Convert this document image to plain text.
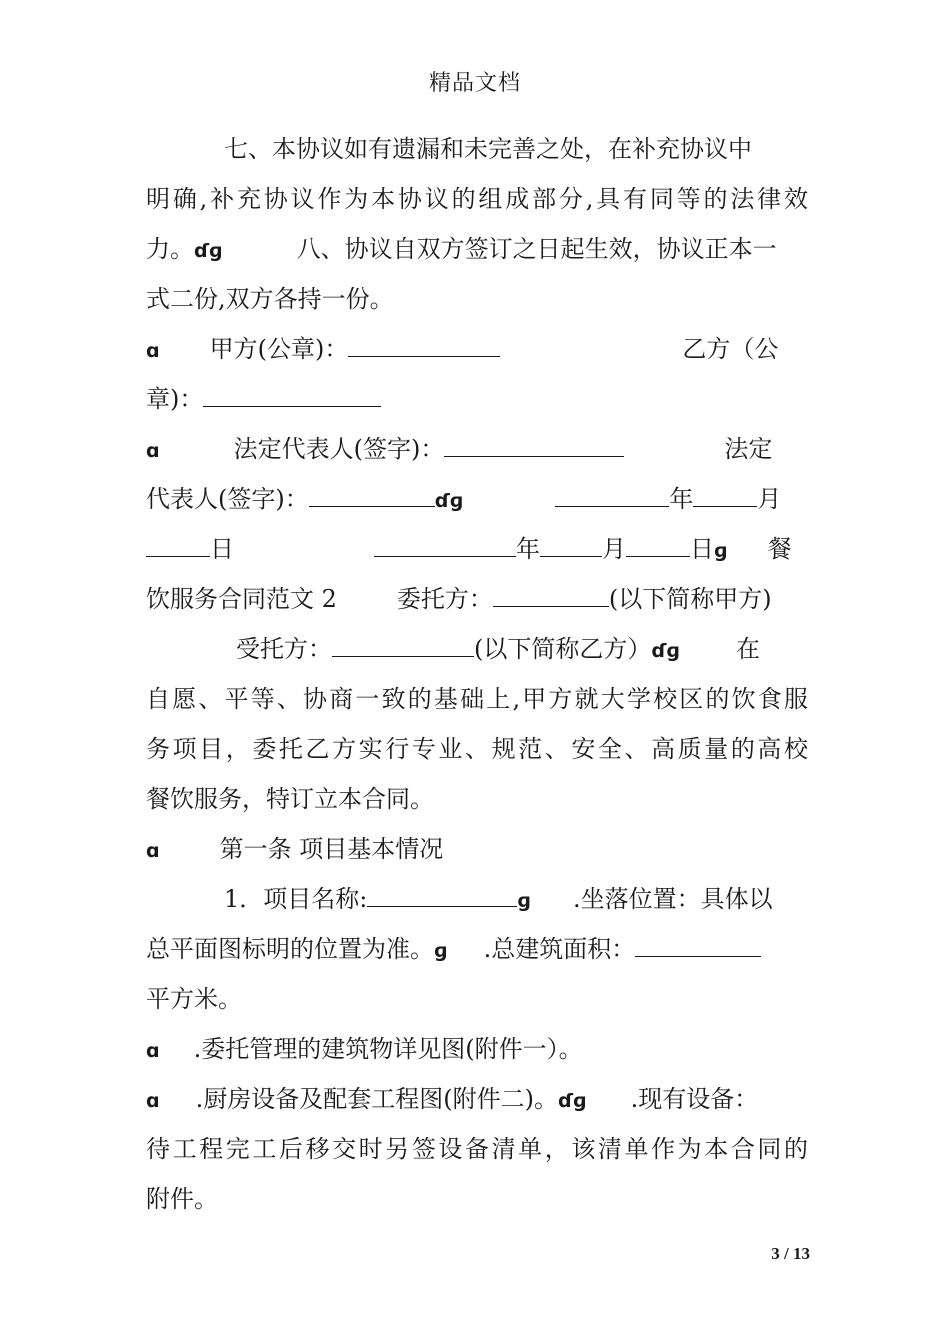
精品文档
七、本协议如有遗漏和未完善之处，在补充协议中
明确,补充协议作为本协议的组成部分,具有同等的法律效
力。ɗɡ	八、协议自双方签订之日起生效，协议正本一
式二份,双方各持一份。
ɑ 甲方(公章)：	乙方（公
章)：
ɑ	法定代表人(签字)：	法定
代表人(签字)：	ɗɡ	年	月
日	年	月	日ɡ 餐
饮服务合同范文 2	委托方：	(以下简称甲方)
受托方：	(以下简称乙方）ɗɡ 在
自愿、平等、协商一致的基础上,甲方就大学校区的饮食服
务项目，委托乙方实行专业、规范、安全、高质量的高校
餐饮服务，特订立本合同。
ɑ	第一条 项目基本情况
1．项目名称:	ɡ .坐落位置：具体以
总平面图标明的位置为准。ɡ .总建筑面积：
平方米。
ɑ .委托管理的建筑物详见图(附件一）。
ɑ .厨房设备及配套工程图(附件二)。ɗɡ .现有设备：
待工程完工后移交时另签设备清单，该清单作为本合同的
附件。
3 / 13
